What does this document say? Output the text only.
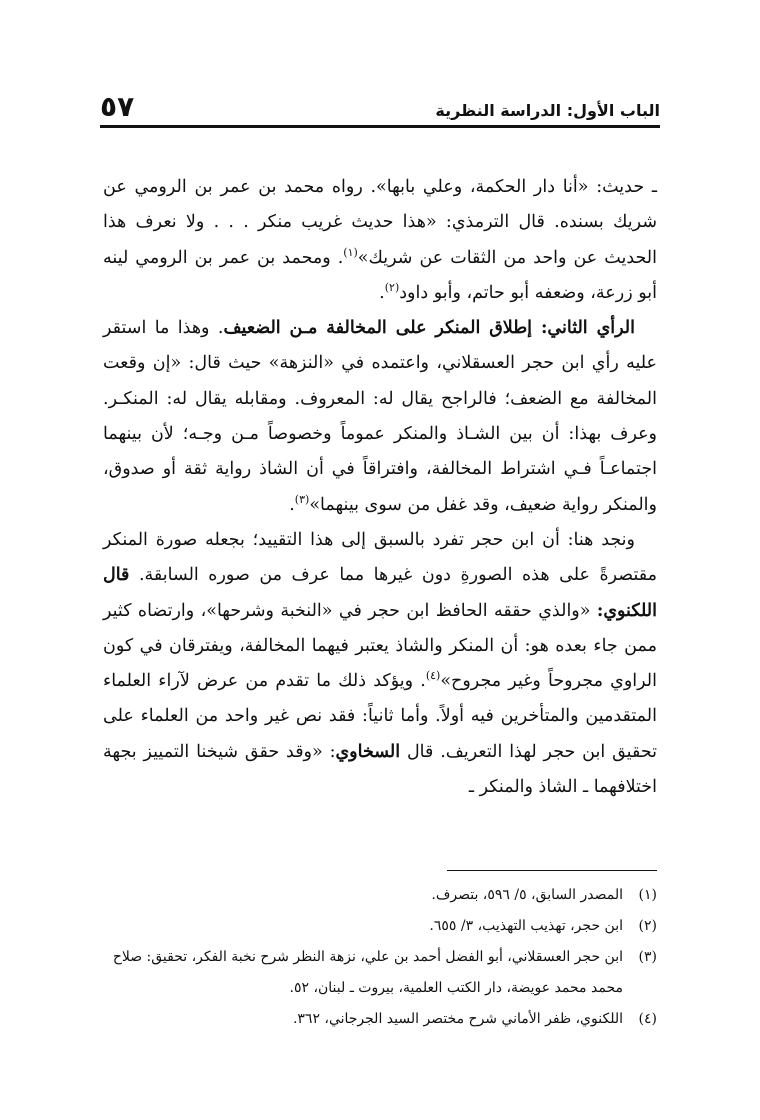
الباب الأول: الدراسة النظرية
٥٧

ـ حديث: «أنا دار الحكمة، وعلي بابها». رواه محمد بن عمر بن الرومي عن شريك بسنده. قال الترمذي: «هذا حديث غريب منكر . . . ولا نعرف هذا الحديث عن واحد من الثقات عن شريك»$^{(١)}$. ومحمد بن عمر بن الرومي لينه أبو زرعة، وضعفه أبو حاتم، وأبو داود$^{(٢)}$.

الرأي الثاني: إطلاق المنكر على المخالفة مـن الضعيف. وهذا ما استقر عليه رأي ابن حجر العسقلاني، واعتمده في «النزهة» حيث قال: «إن وقعت المخالفة مع الضعف؛ فالراجح يقال له: المعروف. ومقابله يقال له: المنكـر. وعرف بهذا: أن بين الشـاذ والمنكر عموماً وخصوصاً مـن وجـه؛ لأن بينهما اجتماعـاً فـي اشتراط المخالفة، وافتراقاً في أن الشاذ رواية ثقة أو صدوق، والمنكر رواية ضعيف، وقد غفل من سوى بينهما»$^{(٣)}$.

ونجد هنا: أن ابن حجر تفرد بالسبق إلى هذا التقييد؛ بجعله صورة المنكر مقتصرةً على هذه الصورةِ دون غيرها مما عرف من صوره السابقة. قال اللكنوي: «والذي حققه الحافظ ابن حجر في «النخبة وشرحها»، وارتضاه كثير ممن جاء بعده هو: أن المنكر والشاذ يعتبر فيهما المخالفة، ويفترقان في كون الراوي مجروحاً وغير مجروح»$^{(٤)}$. ويؤكد ذلك ما تقدم من عرض لآراء العلماء المتقدمين والمتأخرين فيه أولاً. وأما ثانياً: فقد نص غير واحد من العلماء على تحقيق ابن حجر لهذا التعريف. قال السخاوي: «وقد حقق شيخنا التمييز بجهة اختلافهما ـ الشاذ والمنكر ـ

(١)
المصدر السابق، ٥/ ٥٩٦، بتصرف.
(٢)
ابن حجر، تهذيب التهذيب، ٣/ ٦٥٥.
(٣)
ابن حجر العسقلاني، أبو الفضل أحمد بن علي، نزهة النظر شرح نخبة الفكر، تحقيق: صلاح محمد محمد عويضة، دار الكتب العلمية، بيروت ـ لبنان، ٥٢.
(٤)
اللكنوي، ظفر الأماني شرح مختصر السيد الجرجاني، ٣٦٢.
